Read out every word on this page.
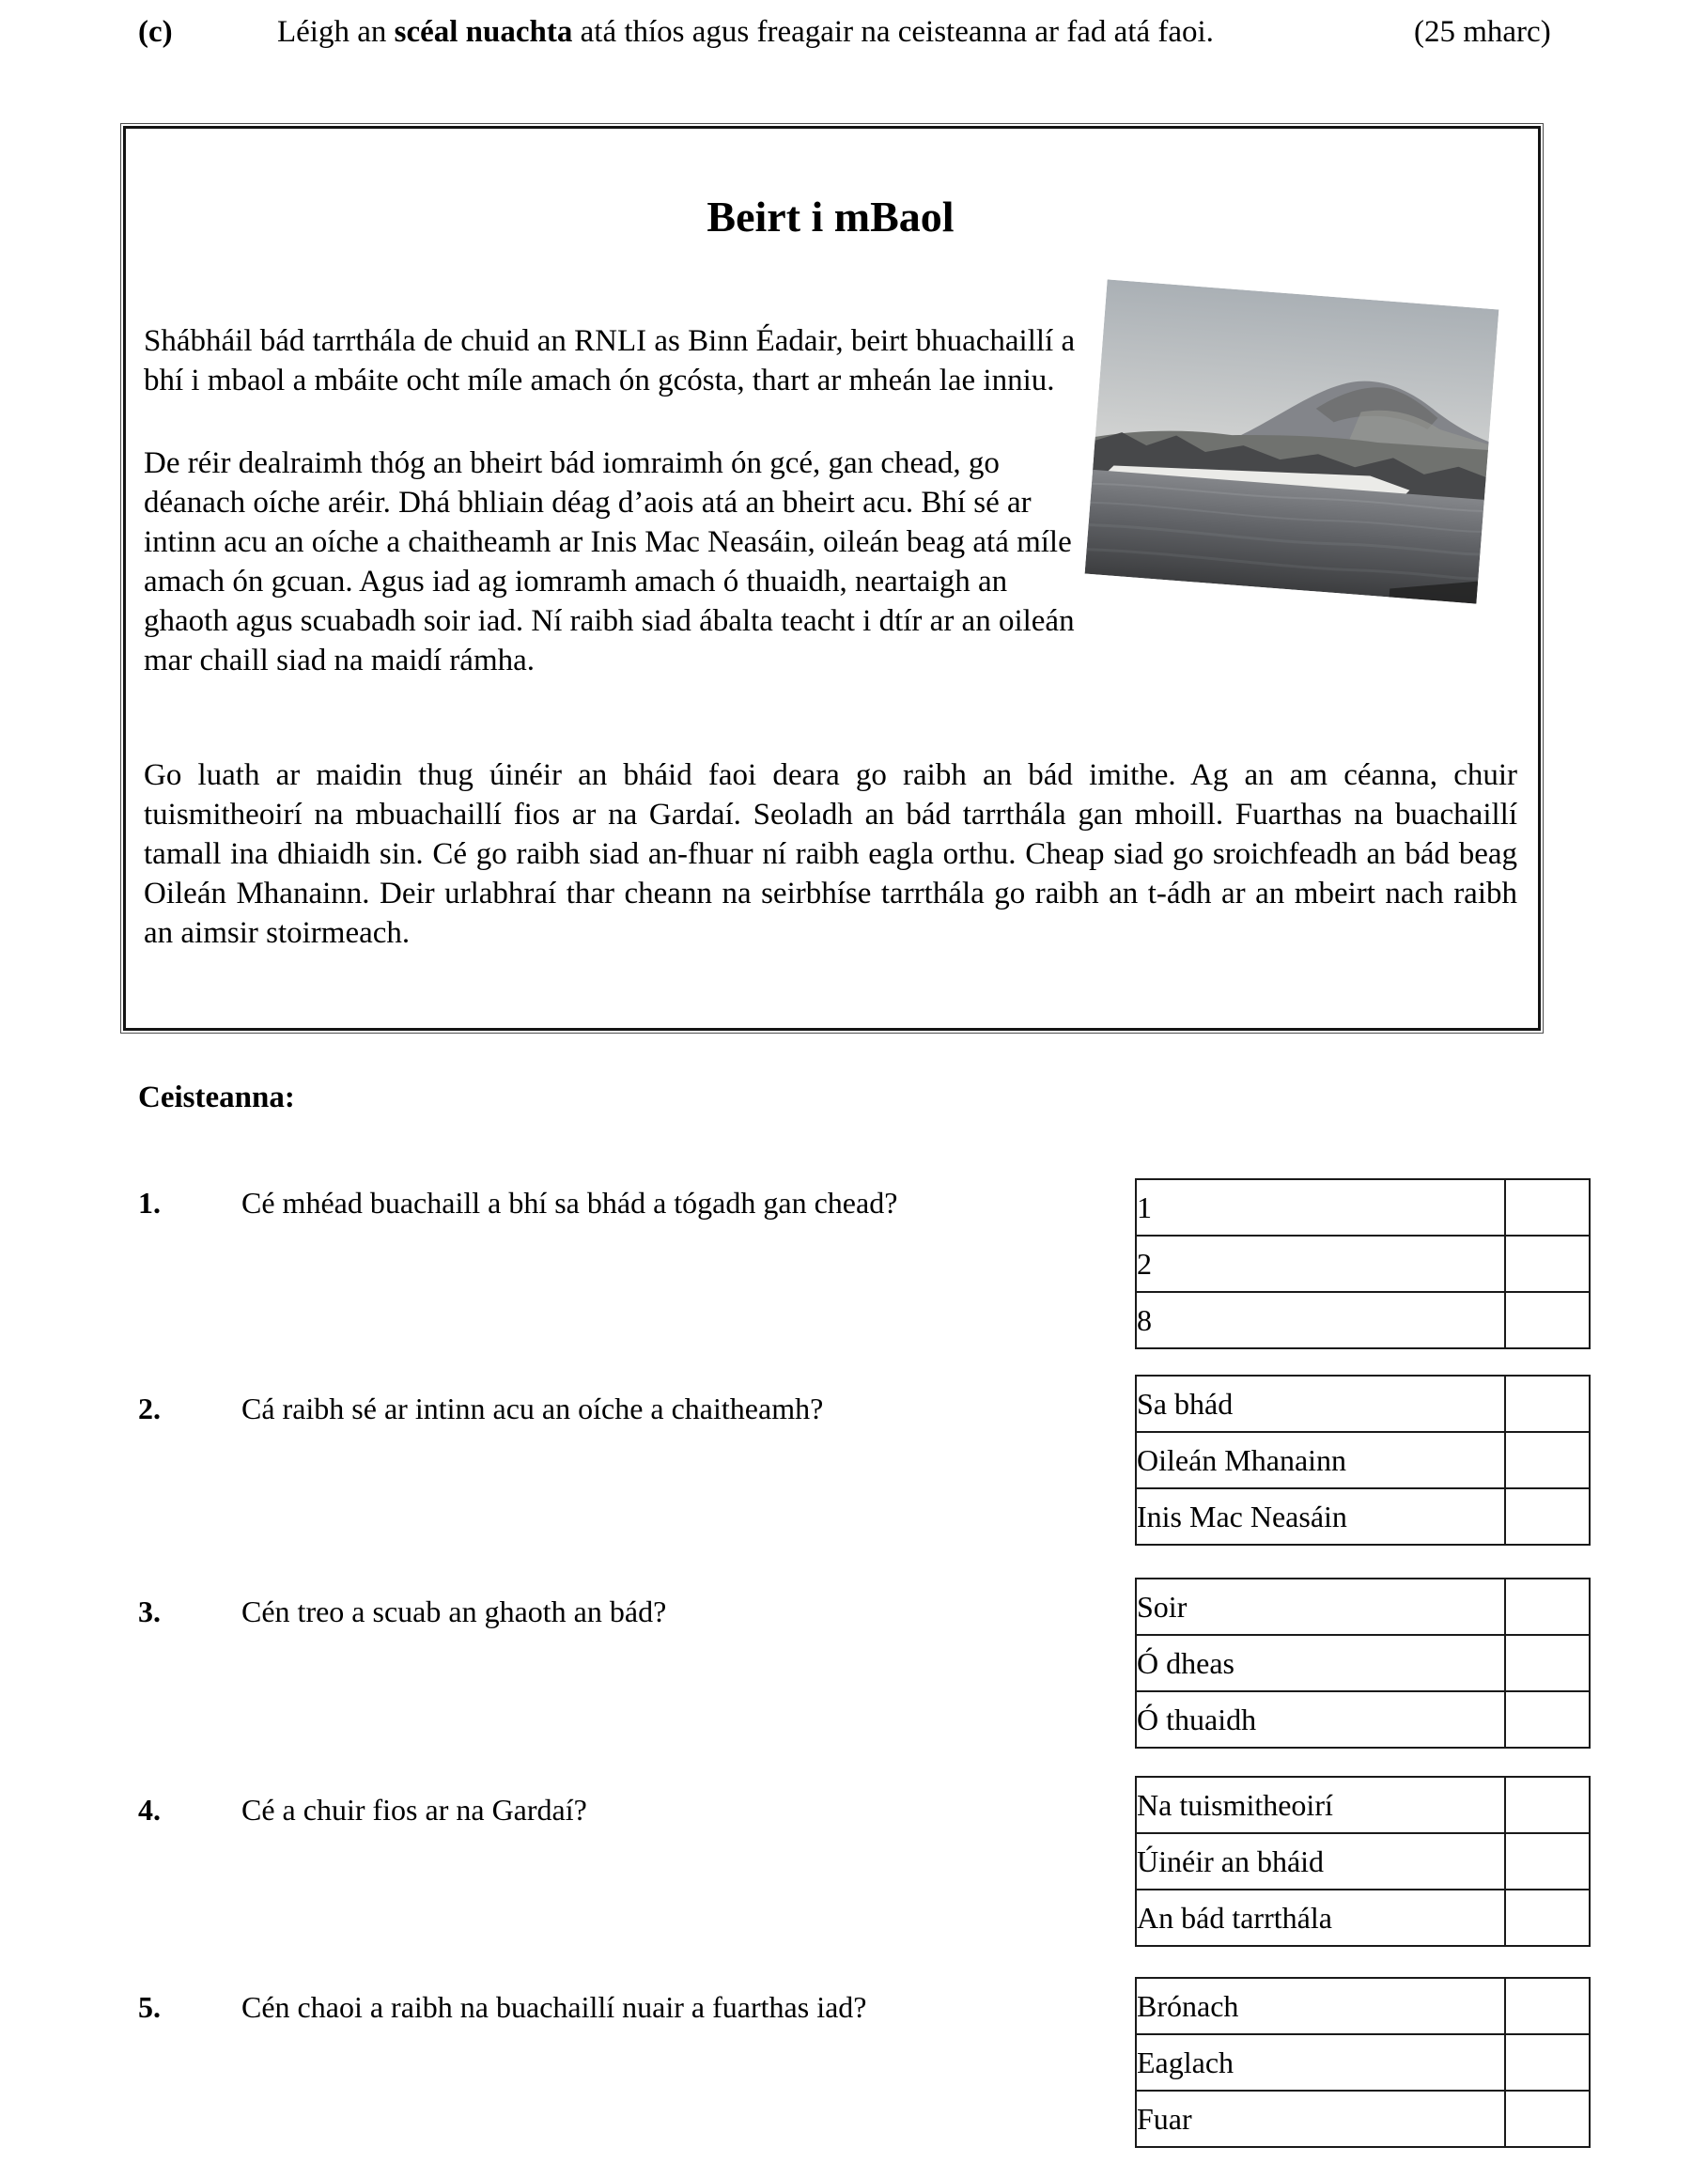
(c)	Léigh an scéal nuachta atá thíos agus freagair na ceisteanna ar fad atá faoi.	(25 mharc)
Beirt i mBaol
Shábháil bád tarrthála de chuid an RNLI as Binn Éadair, beirt bhuachaillí a bhí i mbaol a mbáite ocht míle amach ón gcósta, thart ar mheán lae inniu.
De réir dealraimh thóg an bheirt bád iomraimh ón gcé, gan chead, go déanach oíche aréir. Dhá bhliain déag d’aois atá an bheirt acu. Bhí sé ar intinn acu an oíche a chaitheamh ar Inis Mac Neasáin, oileán beag atá míle amach ón gcuan. Agus iad ag iomramh amach ó thuaidh, neartaigh an ghaoth agus scuabadh soir iad. Ní raibh siad ábalta teacht i dtír ar an oileán mar chaill siad na maidí rámha.
Go luath ar maidin thug úinéir an bháid faoi deara go raibh an bád imithe. Ag an am céanna, chuir tuismitheoirí na mbuachaillí fios ar na Gardaí. Seoladh an bád tarrthála gan mhoill. Fuarthas na buachaillí tamall ina dhiaidh sin. Cé go raibh siad an-fhuar ní raibh eagla orthu. Cheap siad go sroichfeadh an bád beag Oileán Mhanainn. Deir urlabhraí thar cheann na seirbhíse tarrthála go raibh an t-ádh ar an mbeirt nach raibh an aimsir stoirmeach.
Ceisteanna:
1.	Cé mhéad buachaill a bhí sa bhád a tógadh gan chead?	1	
2	
8	
2.	Cá raibh sé ar intinn acu an oíche a chaitheamh?	Sa bhád	
Oileán Mhanainn	
Inis Mac Neasáin	
3.	Cén treo a scuab an ghaoth an bád?	Soir	
Ó dheas	
Ó thuaidh	
4.	Cé a chuir fios ar na Gardaí?	Na tuismitheoirí	
Úinéir an bháid	
An bád tarrthála	
5.	Cén chaoi a raibh na buachaillí nuair a fuarthas iad?	Brónach	
Eaglach	
Fuar	
